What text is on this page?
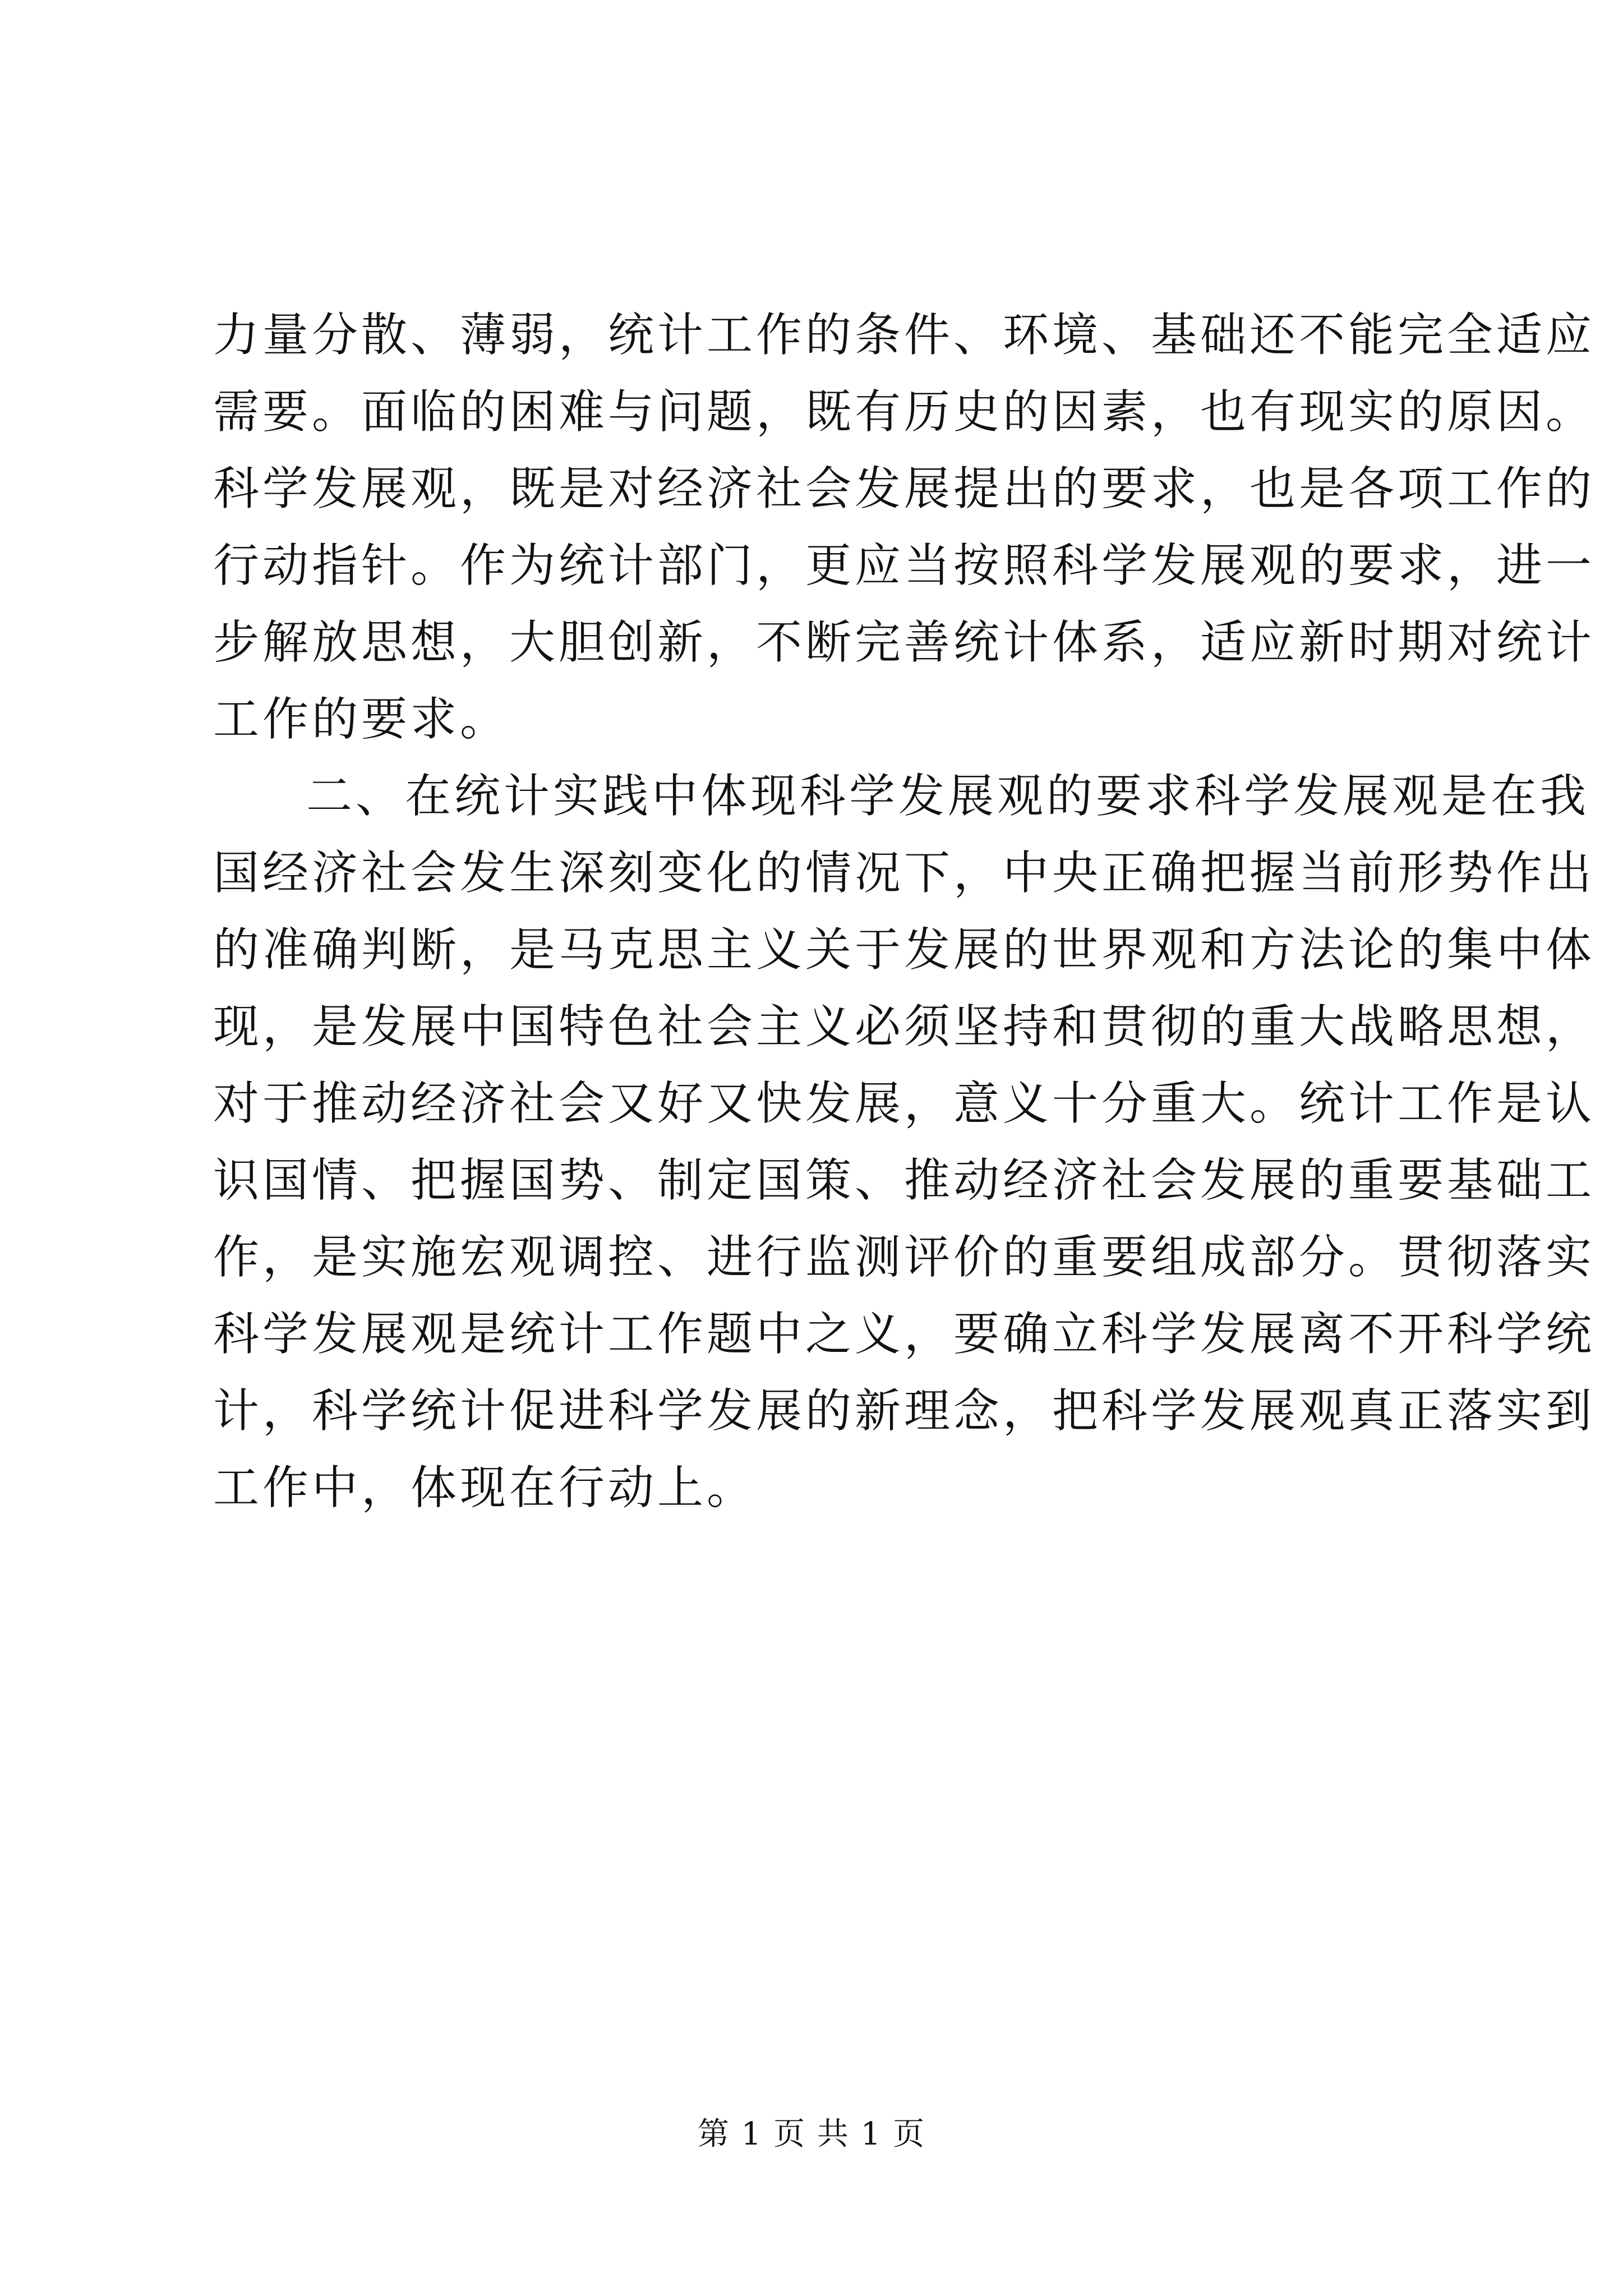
力量分散、薄弱，统计工作的条件、环境、基础还不能完全适应
需要。面临的困难与问题，既有历史的因素，也有现实的原因。
科学发展观，既是对经济社会发展提出的要求，也是各项工作的
行动指针。作为统计部门，更应当按照科学发展观的要求，进一
步解放思想，大胆创新，不断完善统计体系，适应新时期对统计
工作的要求。
二、在统计实践中体现科学发展观的要求科学发展观是在我
国经济社会发生深刻变化的情况下，中央正确把握当前形势作出
的准确判断，是马克思主义关于发展的世界观和方法论的集中体
现，是发展中国特色社会主义必须坚持和贯彻的重大战略思想，
对于推动经济社会又好又快发展，意义十分重大。统计工作是认
识国情、把握国势、制定国策、推动经济社会发展的重要基础工
作，是实施宏观调控、进行监测评价的重要组成部分。贯彻落实
科学发展观是统计工作题中之义，要确立科学发展离不开科学统
计，科学统计促进科学发展的新理念，把科学发展观真正落实到
工作中，体现在行动上。
第 1 页 共 1 页
